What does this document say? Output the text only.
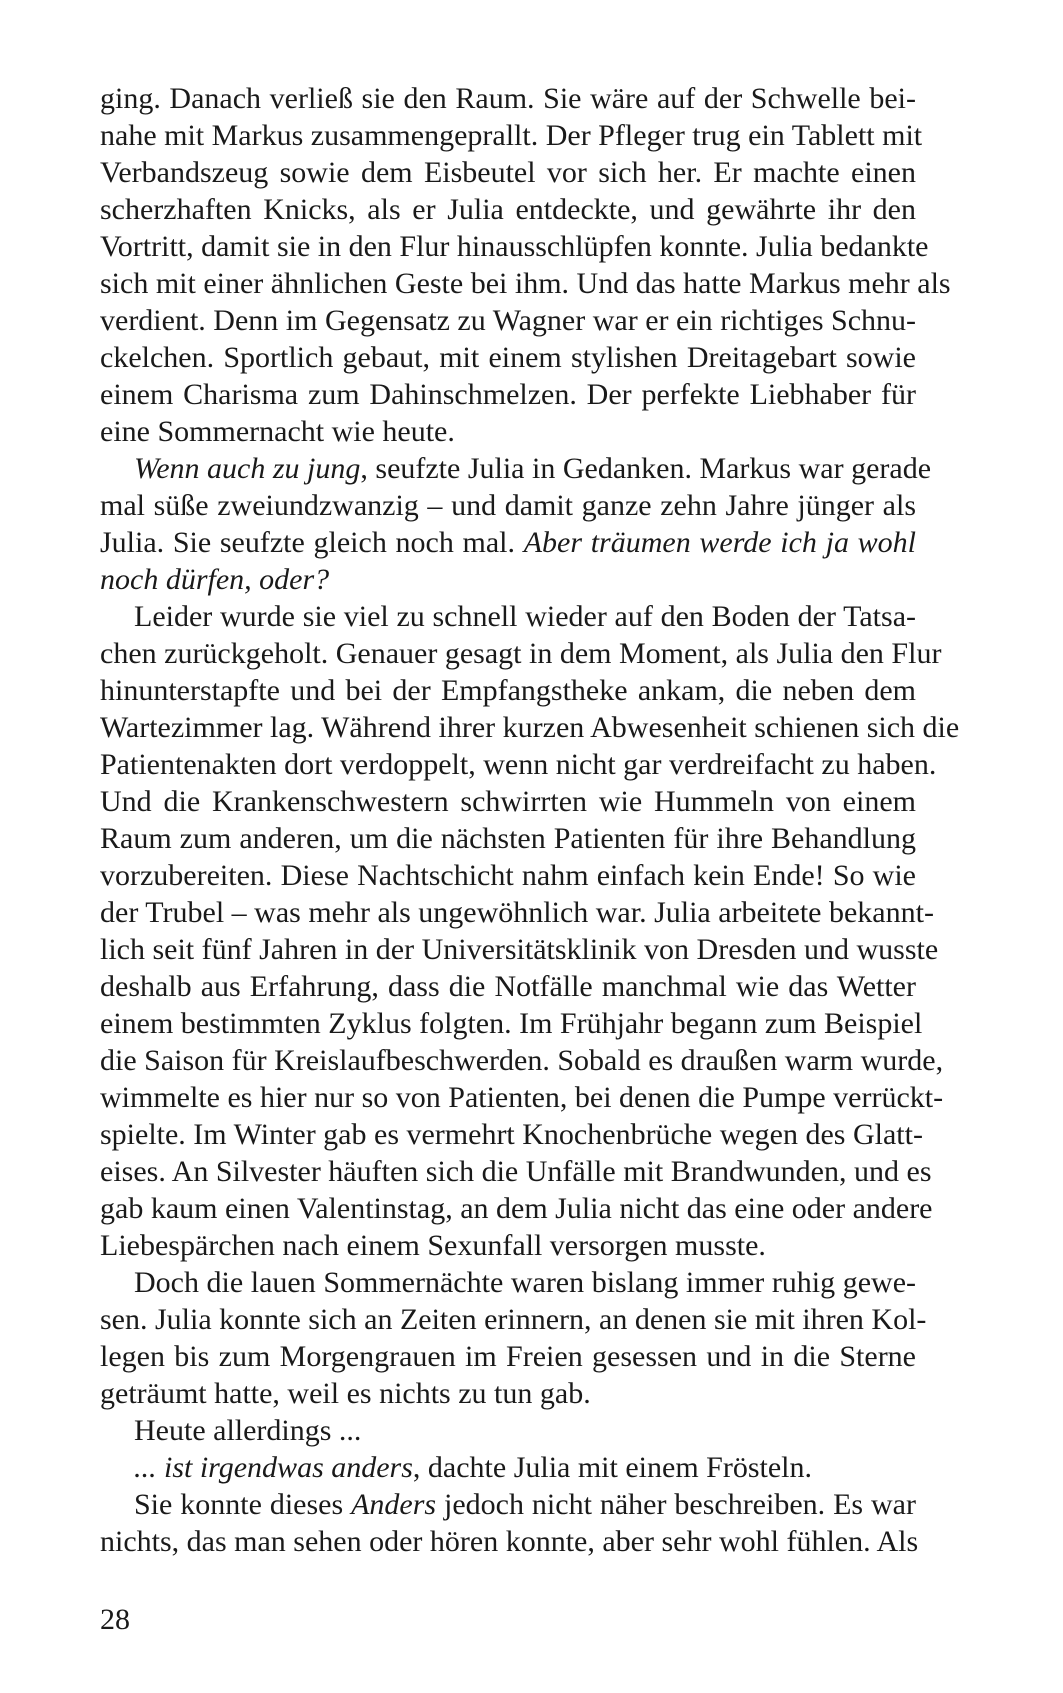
ging. Danach verließ sie den Raum. Sie wäre auf der Schwelle bei-
nahe mit Markus zusammengeprallt. Der Pfleger trug ein Tablett mit
Verbandszeug sowie dem Eisbeutel vor sich her. Er machte einen
scherzhaften Knicks, als er Julia entdeckte, und gewährte ihr den
Vortritt, damit sie in den Flur hinausschlüpfen konnte. Julia bedankte
sich mit einer ähnlichen Geste bei ihm. Und das hatte Markus mehr als
verdient. Denn im Gegensatz zu Wagner war er ein richtiges Schnu-
ckelchen. Sportlich gebaut, mit einem stylishen Dreitagebart sowie
einem Charisma zum Dahinschmelzen. Der perfekte Liebhaber für
eine Sommernacht wie heute.
Wenn auch zu jung, seufzte Julia in Gedanken. Markus war gerade
mal süße zweiundzwanzig – und damit ganze zehn Jahre jünger als
Julia. Sie seufzte gleich noch mal. Aber träumen werde ich ja wohl
noch dürfen, oder?
Leider wurde sie viel zu schnell wieder auf den Boden der Tatsa-
chen zurückgeholt. Genauer gesagt in dem Moment, als Julia den Flur
hinunterstapfte und bei der Empfangstheke ankam, die neben dem
Wartezimmer lag. Während ihrer kurzen Abwesenheit schienen sich die
Patientenakten dort verdoppelt, wenn nicht gar verdreifacht zu haben.
Und die Krankenschwestern schwirrten wie Hummeln von einem
Raum zum anderen, um die nächsten Patienten für ihre Behandlung
vorzubereiten. Diese Nachtschicht nahm einfach kein Ende! So wie
der Trubel – was mehr als ungewöhnlich war. Julia arbeitete bekannt-
lich seit fünf Jahren in der Universitätsklinik von Dresden und wusste
deshalb aus Erfahrung, dass die Notfälle manchmal wie das Wetter
einem bestimmten Zyklus folgten. Im Frühjahr begann zum Beispiel
die Saison für Kreislaufbeschwerden. Sobald es draußen warm wurde,
wimmelte es hier nur so von Patienten, bei denen die Pumpe verrückt-
spielte. Im Winter gab es vermehrt Knochenbrüche wegen des Glatt-
eises. An Silvester häuften sich die Unfälle mit Brandwunden, und es
gab kaum einen Valentinstag, an dem Julia nicht das eine oder andere
Liebespärchen nach einem Sexunfall versorgen musste.
Doch die lauen Sommernächte waren bislang immer ruhig gewe-
sen. Julia konnte sich an Zeiten erinnern, an denen sie mit ihren Kol-
legen bis zum Morgengrauen im Freien gesessen und in die Sterne
geträumt hatte, weil es nichts zu tun gab.
Heute allerdings ...
... ist irgendwas anders, dachte Julia mit einem Frösteln.
Sie konnte dieses Anders jedoch nicht näher beschreiben. Es war
nichts, das man sehen oder hören konnte, aber sehr wohl fühlen. Als
28
